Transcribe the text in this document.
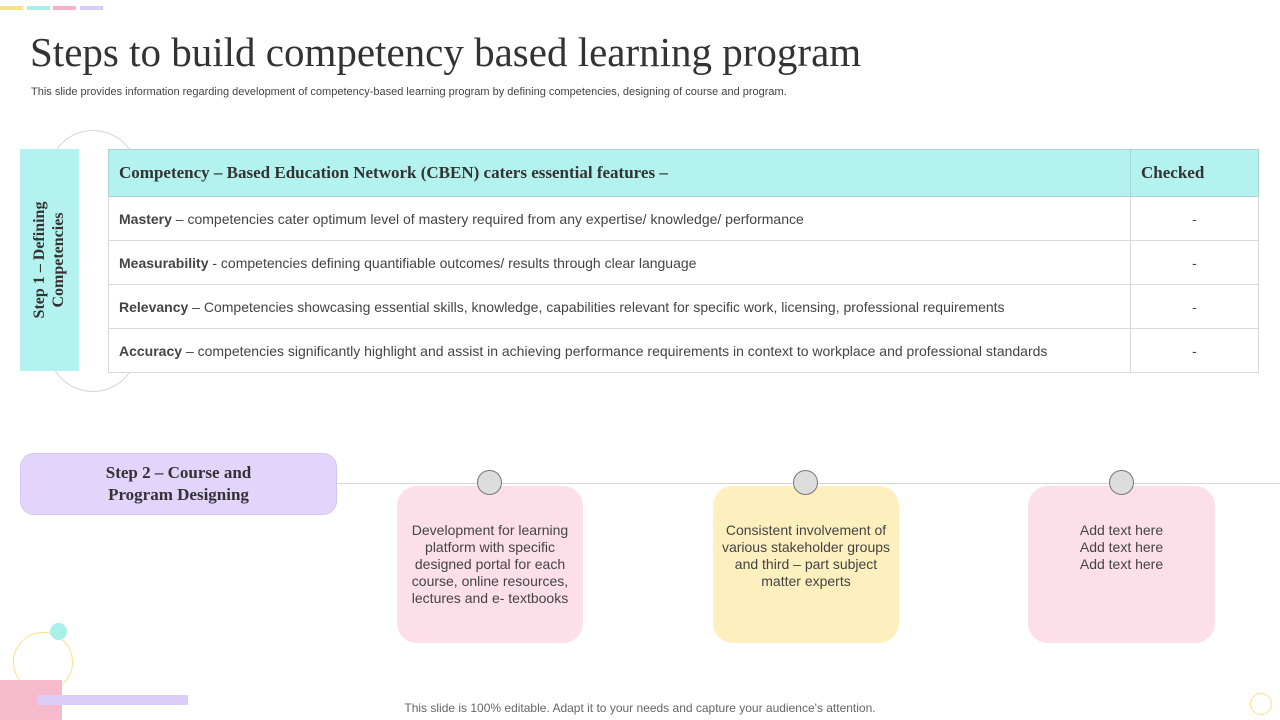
Steps to build competency based learning program
This slide provides information regarding development of competency-based learning program by defining competencies, designing of course and program.
Step 1 – Defining Competencies
Competency – Based Education Network (CBEN) caters essential features –	Checked
Mastery – competencies cater optimum level of mastery required from any expertise/ knowledge/ performance	-
Measurability - competencies defining quantifiable outcomes/ results through clear language	-
Relevancy – Competencies showcasing essential skills, knowledge, capabilities relevant for specific work, licensing, professional requirements	-
Accuracy – competencies significantly highlight and assist in achieving performance requirements in context to workplace and professional standards	-
Step 2 – Course and
Program Designing
Development for learning
platform with specific
designed portal for each
course, online resources,
lectures and e- textbooks
Consistent involvement of
various stakeholder groups
and third – part subject
matter experts
Add text here
Add text here
Add text here
This slide is 100% editable. Adapt it to your needs and capture your audience's attention.
